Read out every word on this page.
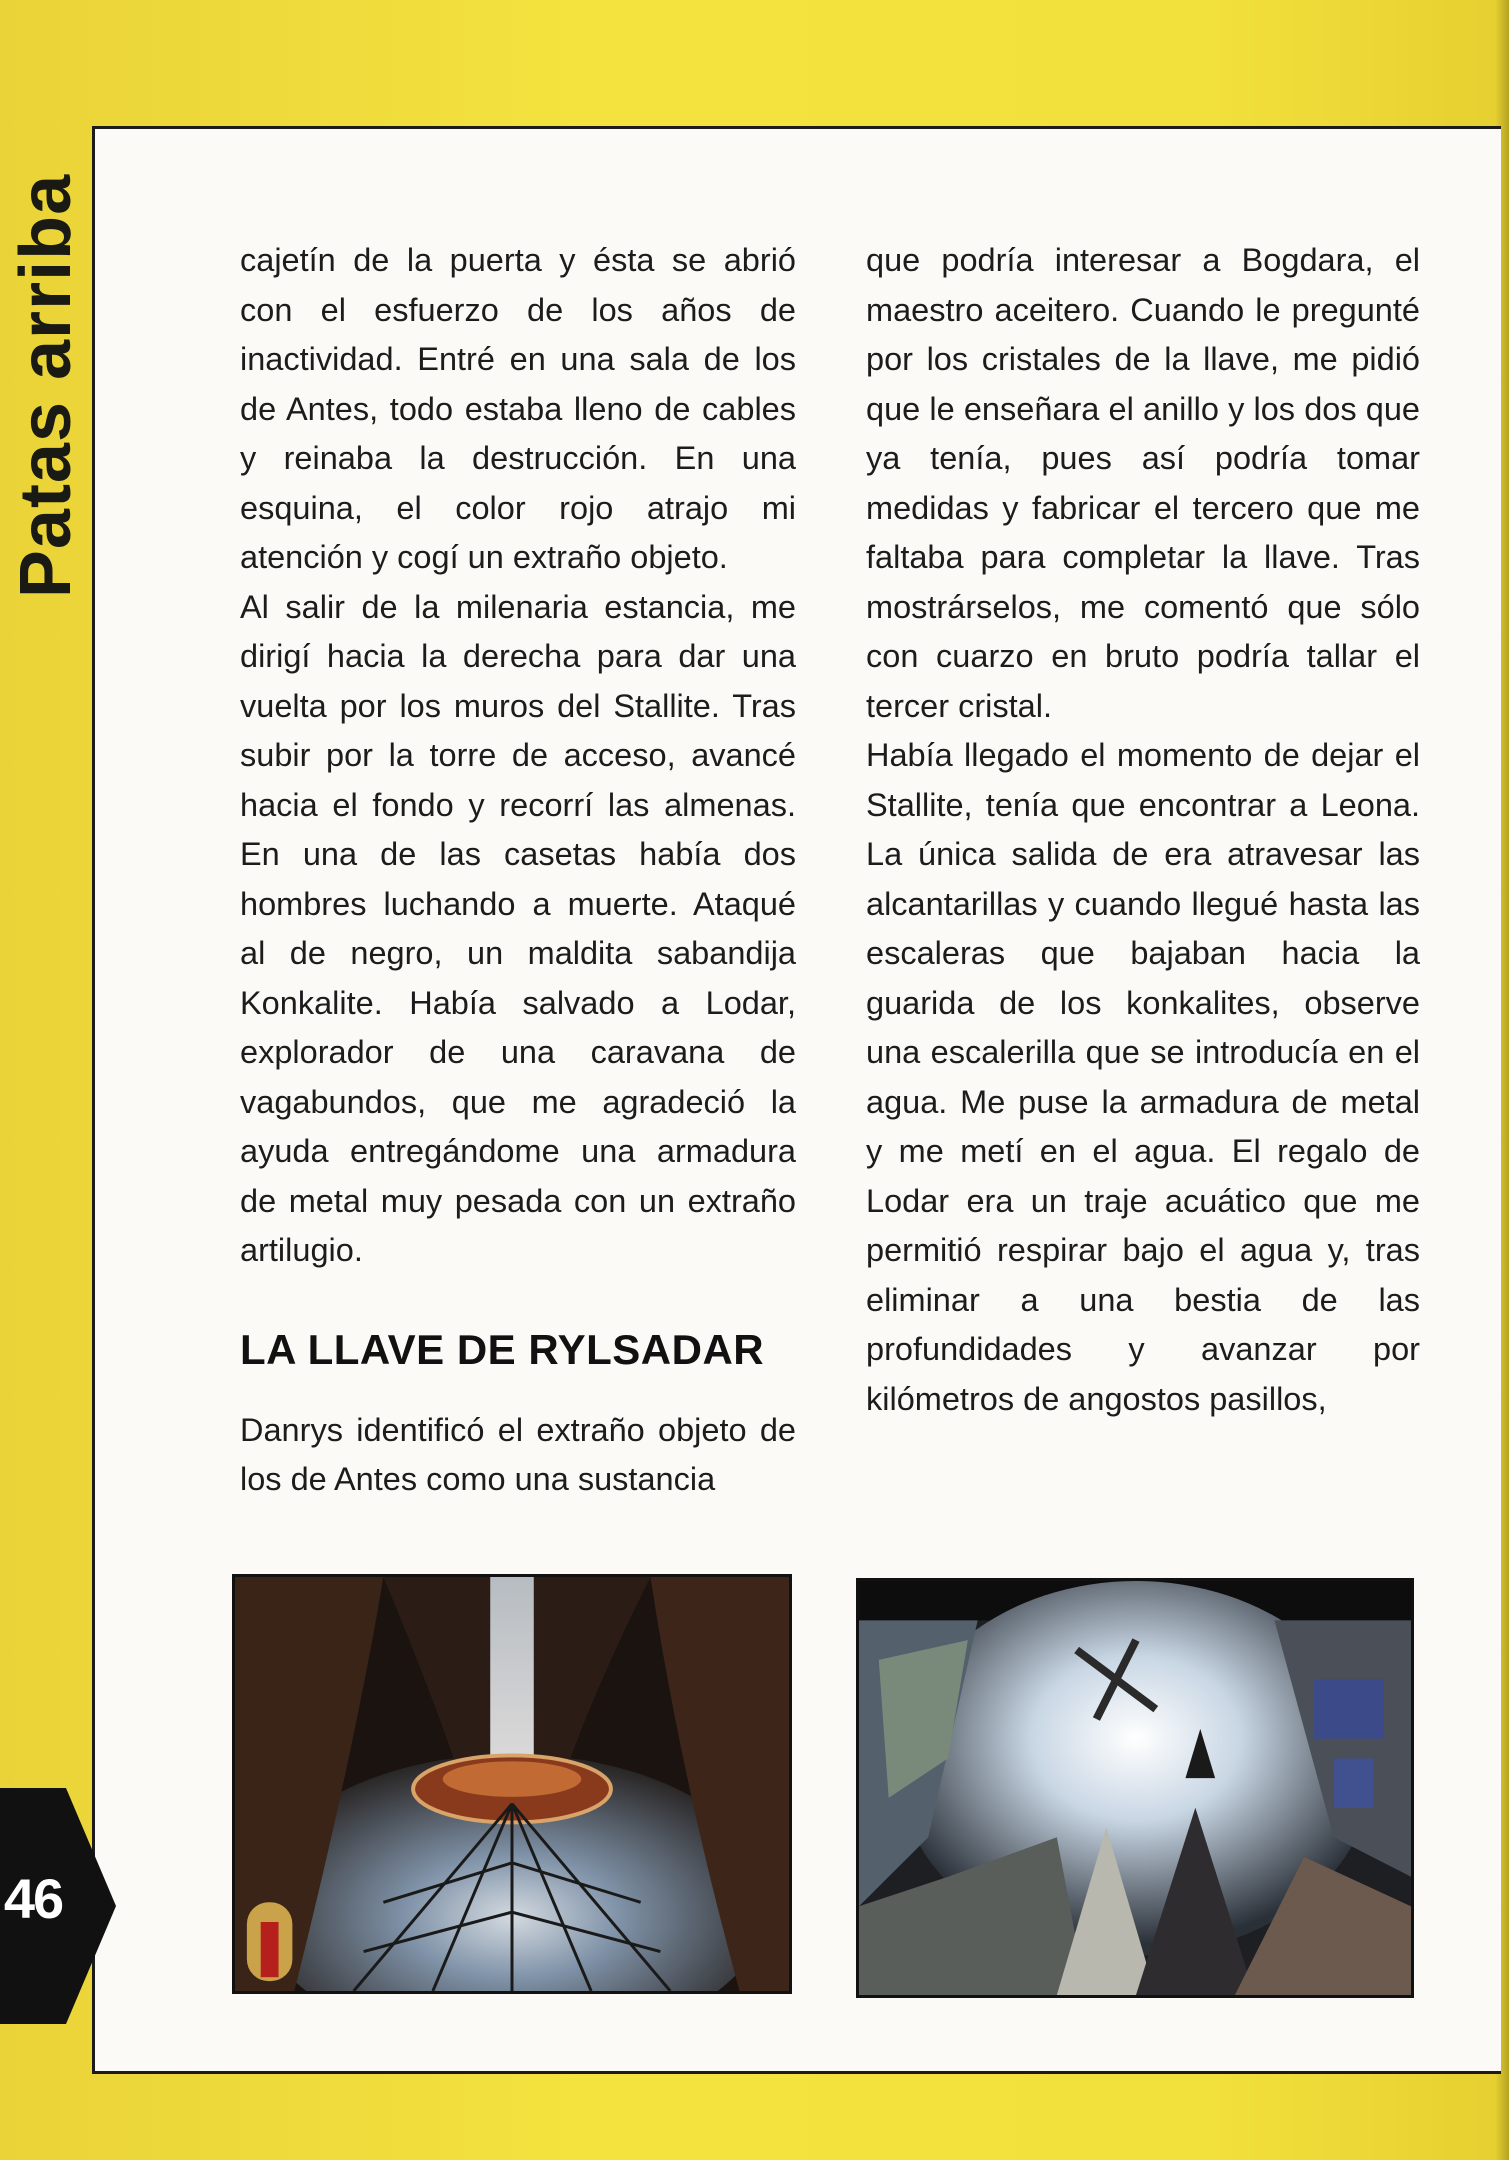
Patas arriba
46

cajetín de la puerta y ésta se abrió con el esfuerzo de los años de inactividad. Entré en una sala de los de Antes, todo estaba lleno de cables y reinaba la destrucción. En una esquina, el color rojo atrajo mi atención y cogí un extraño objeto.

Al salir de la milenaria estancia, me dirigí hacia la derecha para dar una vuelta por los muros del Stallite. Tras subir por la torre de acceso, avancé hacia el fondo y recorrí las almenas. En una de las casetas había dos hombres luchando a muerte. Ataqué al de negro, un maldita sabandija Konkalite. Había salvado a Lodar, explorador de una caravana de vagabundos, que me agradeció la ayuda entregándome una armadura de metal muy pesada con un extraño artilugio.

LA LLAVE DE RYLSADAR

Danrys identificó el extraño objeto de los de Antes como una sustancia

que podría interesar a Bogdara, el maestro aceitero. Cuando le pregunté por los cristales de la llave, me pidió que le enseñara el anillo y los dos que ya tenía, pues así podría tomar medidas y fabricar el tercero que me faltaba para completar la llave. Tras mostrárselos, me comentó que sólo con cuarzo en bruto podría tallar el tercer cristal.

Había llegado el momento de dejar el Stallite, tenía que encontrar a Leona. La única salida de era atravesar las alcantarillas y cuando llegué hasta las escaleras que bajaban hacia la guarida de los konkalites, observe una escalerilla que se introducía en el agua. Me puse la armadura de metal y me metí en el agua. El regalo de Lodar era un traje acuático que me permitió respirar bajo el agua y, tras eliminar a una bestia de las profundidades y avanzar por kilómetros de angostos pasillos,
